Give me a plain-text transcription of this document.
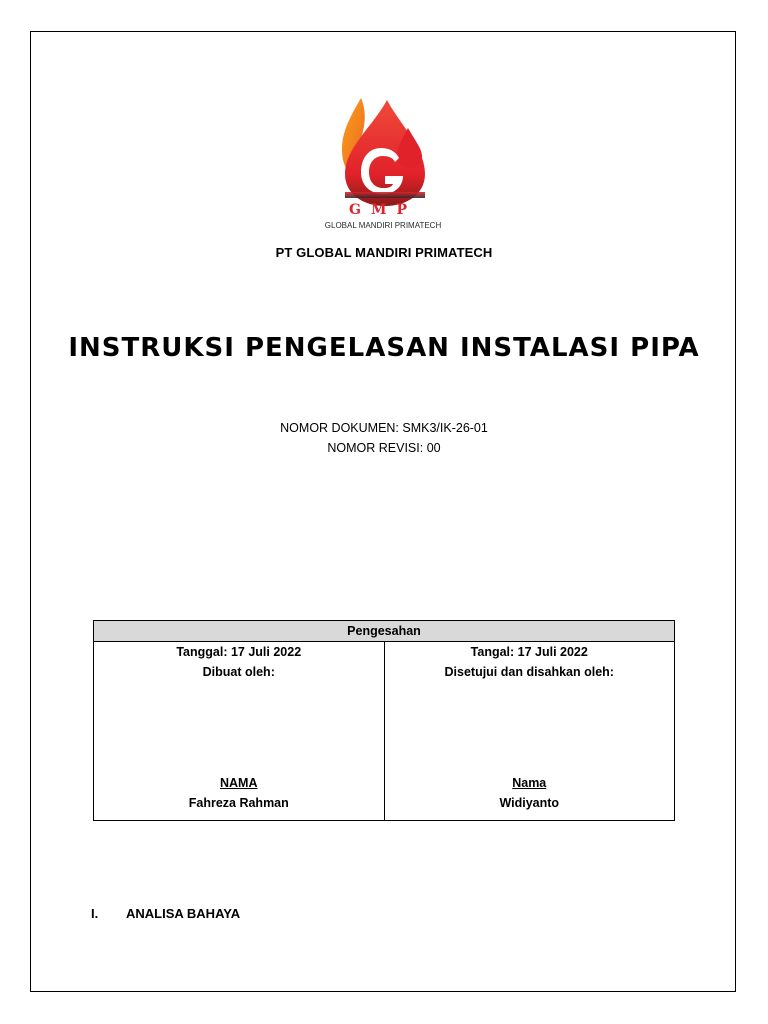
GMP
GLOBAL MANDIRI PRIMATECH
PT GLOBAL MANDIRI PRIMATECH
INSTRUKSI PENGELASAN INSTALASI PIPA
NOMOR DOKUMEN: SMK3/IK-26-01
NOMOR REVISI: 00
Pengesahan
Tanggal: 17 Juli 2022
Dibuat oleh:
NAMA
Fahreza Rahman
Tangal: 17 Juli 2022
Disetujui dan disahkan oleh:
Nama
Widiyanto
I. ANALISA BAHAYA
